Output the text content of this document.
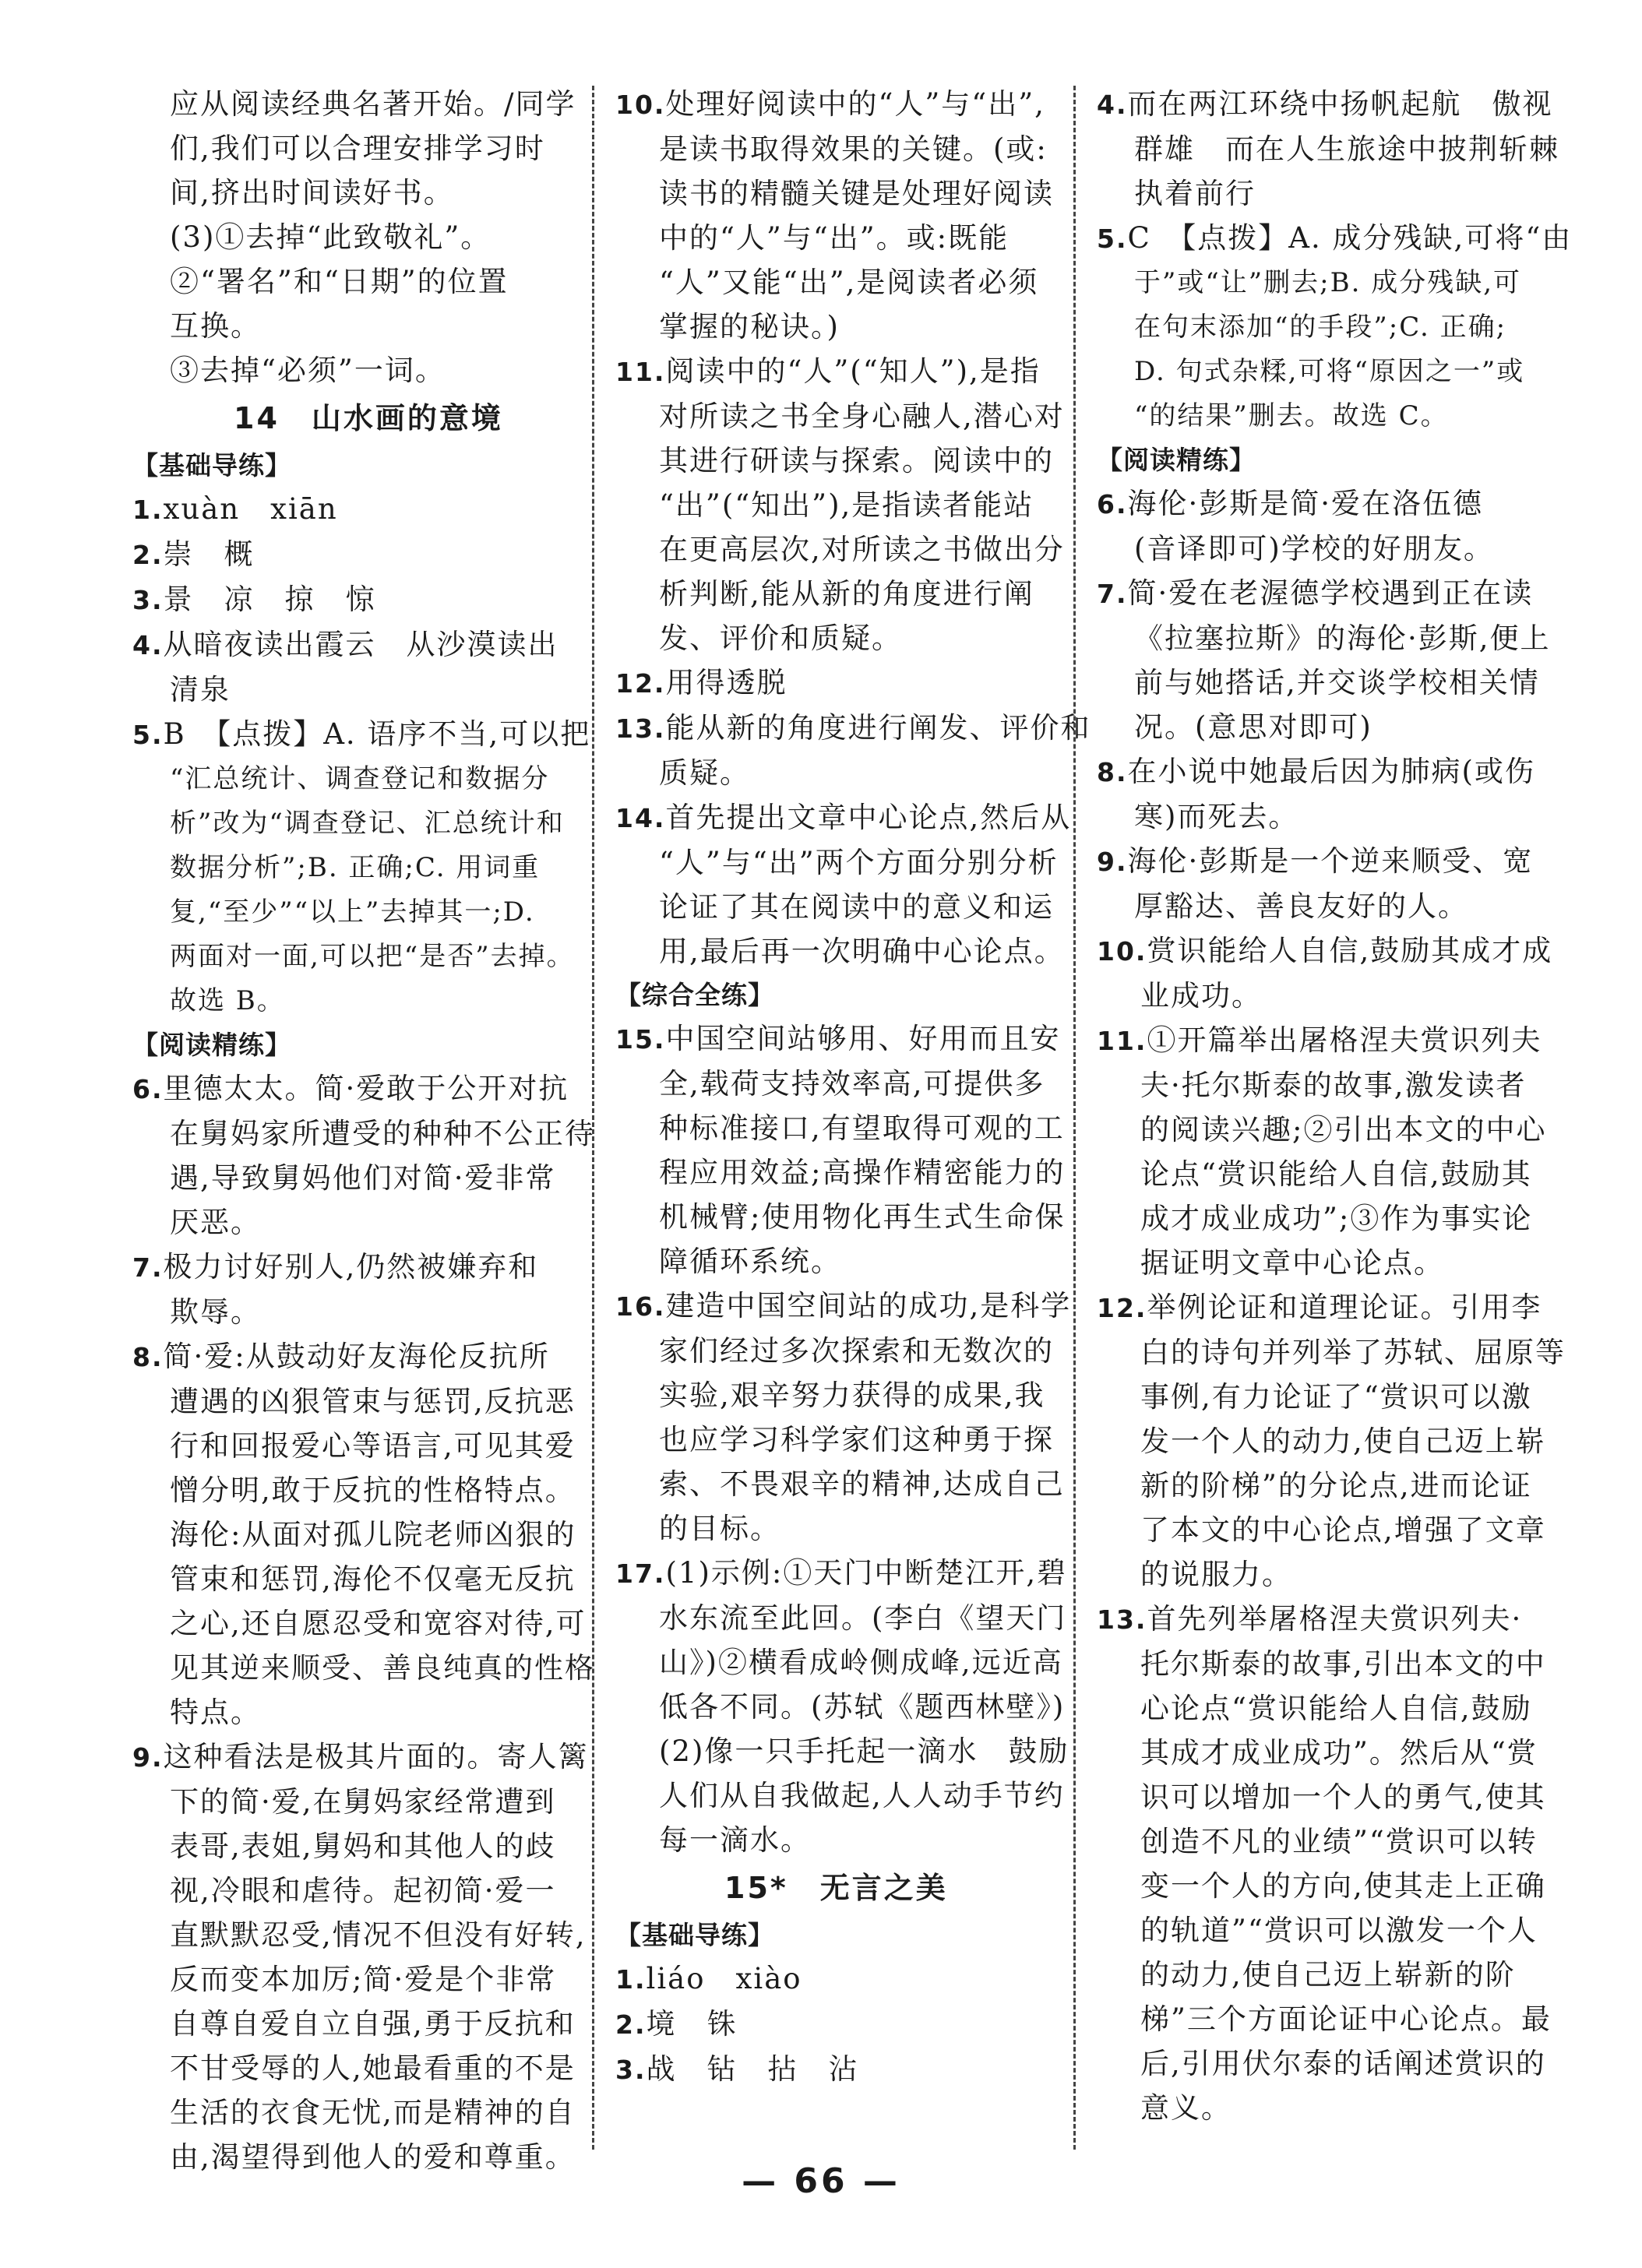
应从阅读经典名著开始。/同学
们,我们可以合理安排学习时
间,挤出时间读好书。
(3)①去掉“此致敬礼”。
②“署名”和“日期”的位置
互换。
③去掉“必须”一词。
14　山水画的意境
【基础导练】
1.xuàn　xiān
2.崇　概
3.景　凉　掠　惊
4.从暗夜读出霞云　从沙漠读出
清泉
5.B　【点拨】A. 语序不当,可以把
“汇总统计、调查登记和数据分
析”改为“调查登记、汇总统计和
数据分析”;B. 正确;C. 用词重
复,“至少”“以上”去掉其一;D.
两面对一面,可以把“是否”去掉。
故选 B。
【阅读精练】
6.里德太太。简·爱敢于公开对抗
在舅妈家所遭受的种种不公正待
遇,导致舅妈他们对简·爱非常
厌恶。
7.极力讨好别人,仍然被嫌弃和
欺辱。
8.简·爱:从鼓动好友海伦反抗所
遭遇的凶狠管束与惩罚,反抗恶
行和回报爱心等语言,可见其爱
憎分明,敢于反抗的性格特点。
海伦:从面对孤儿院老师凶狠的
管束和惩罚,海伦不仅毫无反抗
之心,还自愿忍受和宽容对待,可
见其逆来顺受、善良纯真的性格
特点。
9.这种看法是极其片面的。寄人篱
下的简·爱,在舅妈家经常遭到
表哥,表姐,舅妈和其他人的歧
视,冷眼和虐待。起初简·爱一
直默默忍受,情况不但没有好转,
反而变本加厉;简·爱是个非常
自尊自爱自立自强,勇于反抗和
不甘受辱的人,她最看重的不是
生活的衣食无忧,而是精神的自
由,渴望得到他人的爱和尊重。
10.处理好阅读中的“人”与“出”,
是读书取得效果的关键。(或:
读书的精髓关键是处理好阅读
中的“人”与“出”。或:既能
“人”又能“出”,是阅读者必须
掌握的秘诀。)
11.阅读中的“人”(“知人”),是指
对所读之书全身心融人,潜心对
其进行研读与探索。阅读中的
“出”(“知出”),是指读者能站
在更高层次,对所读之书做出分
析判断,能从新的角度进行阐
发、评价和质疑。
12.用得透脱
13.能从新的角度进行阐发、评价和
质疑。
14.首先提出文章中心论点,然后从
“人”与“出”两个方面分别分析
论证了其在阅读中的意义和运
用,最后再一次明确中心论点。
【综合全练】
15.中国空间站够用、好用而且安
全,载荷支持效率高,可提供多
种标准接口,有望取得可观的工
程应用效益;高操作精密能力的
机械臂;使用物化再生式生命保
障循环系统。
16.建造中国空间站的成功,是科学
家们经过多次探索和无数次的
实验,艰辛努力获得的成果,我
也应学习科学家们这种勇于探
索、不畏艰辛的精神,达成自己
的目标。
17.(1)示例:①天门中断楚江开,碧
水东流至此回。(李白《望天门
山》)②横看成岭侧成峰,远近高
低各不同。(苏轼《题西林壁》)
(2)像一只手托起一滴水　鼓励
人们从自我做起,人人动手节约
每一滴水。
15*　无言之美
【基础导练】
1.liáo　xiào
2.境　铢
3.战　钻　拈　沾
4.而在两江环绕中扬帆起航　傲视
群雄　而在人生旅途中披荆斩棘
执着前行
5.C　【点拨】A. 成分残缺,可将“由
于”或“让”删去;B. 成分残缺,可
在句末添加“的手段”;C. 正确;
D. 句式杂糅,可将“原因之一”或
“的结果”删去。故选 C。
【阅读精练】
6.海伦·彭斯是简·爱在洛伍德
(音译即可)学校的好朋友。
7.简·爱在老渥德学校遇到正在读
《拉塞拉斯》的海伦·彭斯,便上
前与她搭话,并交谈学校相关情
况。(意思对即可)
8.在小说中她最后因为肺病(或伤
寒)而死去。
9.海伦·彭斯是一个逆来顺受、宽
厚豁达、善良友好的人。
10.赏识能给人自信,鼓励其成才成
业成功。
11.①开篇举出屠格涅夫赏识列夫
夫·托尔斯泰的故事,激发读者
的阅读兴趣;②引出本文的中心
论点“赏识能给人自信,鼓励其
成才成业成功”;③作为事实论
据证明文章中心论点。
12.举例论证和道理论证。引用李
白的诗句并列举了苏轼、屈原等
事例,有力论证了“赏识可以激
发一个人的动力,使自己迈上崭
新的阶梯”的分论点,进而论证
了本文的中心论点,增强了文章
的说服力。
13.首先列举屠格涅夫赏识列夫·
托尔斯泰的故事,引出本文的中
心论点“赏识能给人自信,鼓励
其成才成业成功”。然后从“赏
识可以增加一个人的勇气,使其
创造不凡的业绩”“赏识可以转
变一个人的方向,使其走上正确
的轨道”“赏识可以激发一个人
的动力,使自己迈上崭新的阶
梯”三个方面论证中心论点。最
后,引用伏尔泰的话阐述赏识的
意义。
— 66 —
